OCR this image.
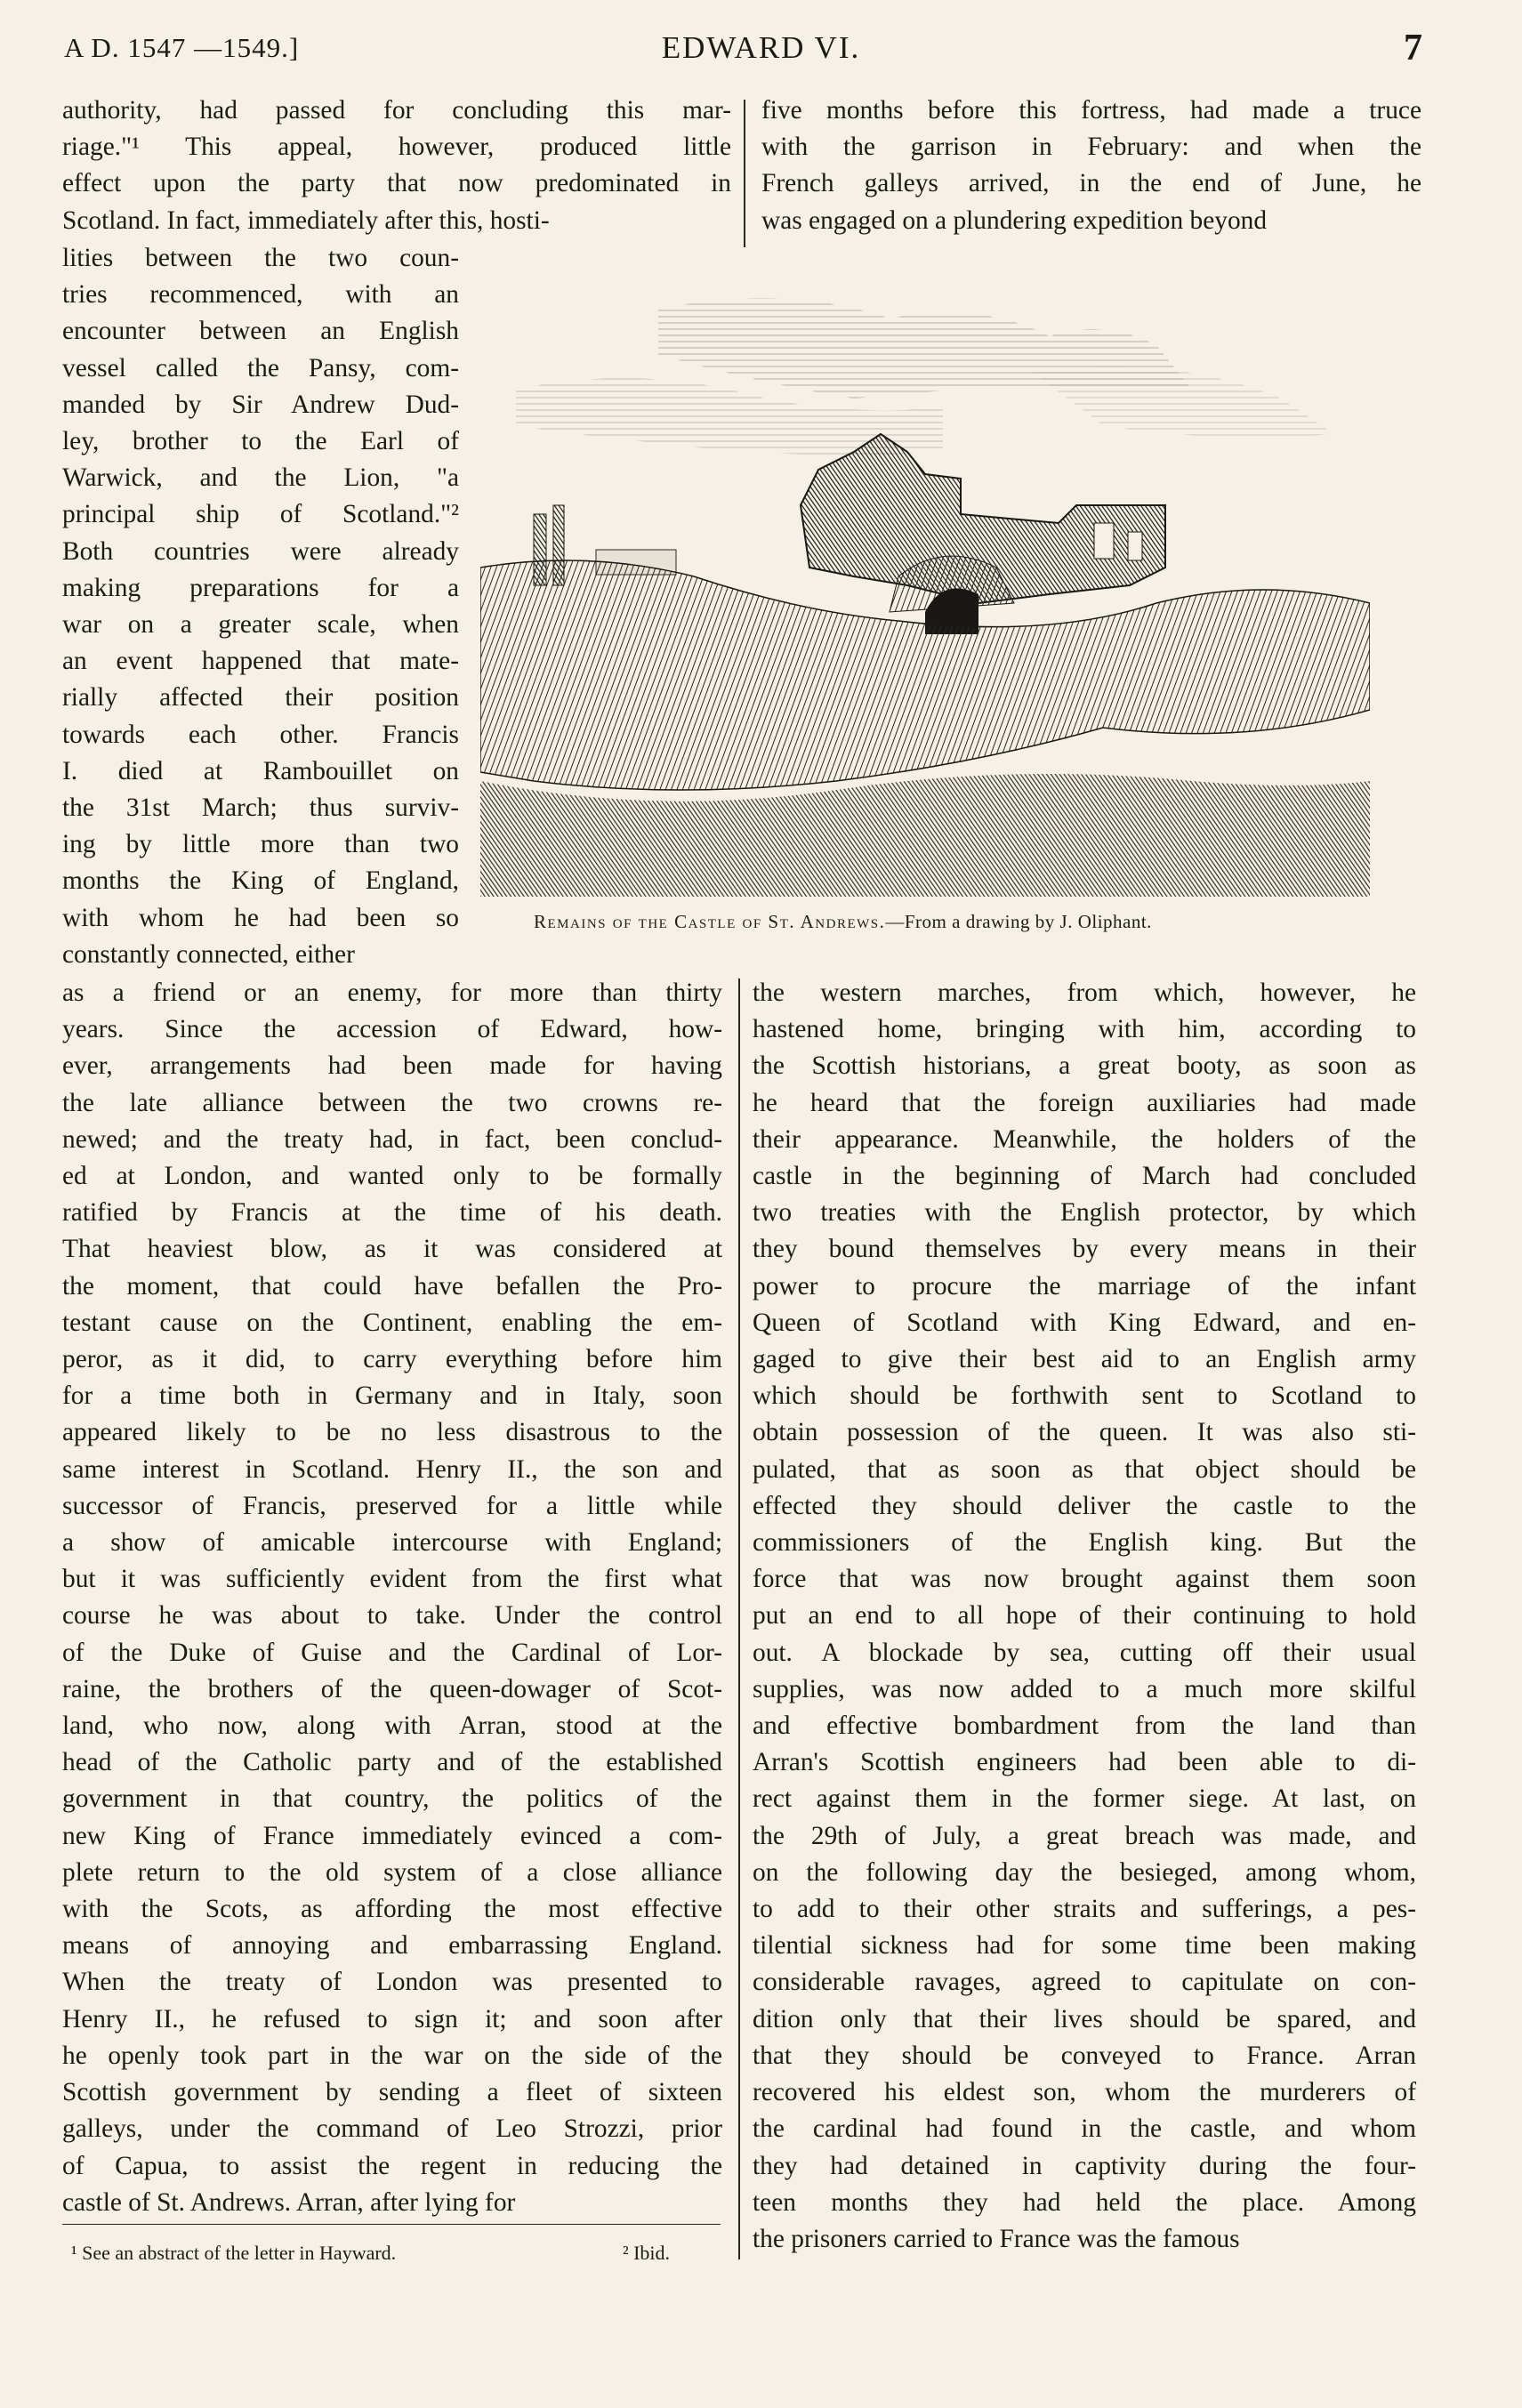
A D. 1547 —1549.]	EDWARD VI.	7
authority, had passed for concluding this mar-
riage."¹ This appeal, however, produced little
effect upon the party that now predominated in
Scotland. In fact, immediately after this, hosti-
five months before this fortress, had made a truce
with the garrison in February: and when the
French galleys arrived, in the end of June, he
was engaged on a plundering expedition beyond
lities between the two coun-
tries recommenced, with an
encounter between an English
vessel called the Pansy, com-
manded by Sir Andrew Dud-
ley, brother to the Earl of
Warwick, and the Lion, "a
principal ship of Scotland."²
Both countries were already
making preparations for a
war on a greater scale, when
an event happened that mate-
rially affected their position
towards each other. Francis
I. died at Rambouillet on
the 31st March; thus surviv-
ing by little more than two
months the King of England,
with whom he had been so
constantly connected, either
as a friend or an enemy, for more than thirty
years. Since the accession of Edward, how-
ever, arrangements had been made for having
the late alliance between the two crowns re-
newed; and the treaty had, in fact, been conclud-
ed at London, and wanted only to be formally
ratified by Francis at the time of his death.
That heaviest blow, as it was considered at
the moment, that could have befallen the Pro-
testant cause on the Continent, enabling the em-
peror, as it did, to carry everything before him
for a time both in Germany and in Italy, soon
appeared likely to be no less disastrous to the
same interest in Scotland. Henry II., the son and
successor of Francis, preserved for a little while
a show of amicable intercourse with England;
but it was sufficiently evident from the first what
course he was about to take. Under the control
of the Duke of Guise and the Cardinal of Lor-
raine, the brothers of the queen-dowager of Scot-
land, who now, along with Arran, stood at the
head of the Catholic party and of the established
government in that country, the politics of the
new King of France immediately evinced a com-
plete return to the old system of a close alliance
with the Scots, as affording the most effective
means of annoying and embarrassing England.
When the treaty of London was presented to
Henry II., he refused to sign it; and soon after
he openly took part in the war on the side of the
Scottish government by sending a fleet of sixteen
galleys, under the command of Leo Strozzi, prior
of Capua, to assist the regent in reducing the
castle of St. Andrews. Arran, after lying for
the western marches, from which, however, he
hastened home, bringing with him, according to
the Scottish historians, a great booty, as soon as
he heard that the foreign auxiliaries had made
their appearance. Meanwhile, the holders of the
castle in the beginning of March had concluded
two treaties with the English protector, by which
they bound themselves by every means in their
power to procure the marriage of the infant
Queen of Scotland with King Edward, and en-
gaged to give their best aid to an English army
which should be forthwith sent to Scotland to
obtain possession of the queen. It was also sti-
pulated, that as soon as that object should be
effected they should deliver the castle to the
commissioners of the English king. But the
force that was now brought against them soon
put an end to all hope of their continuing to hold
out. A blockade by sea, cutting off their usual
supplies, was now added to a much more skilful
and effective bombardment from the land than
Arran's Scottish engineers had been able to di-
rect against them in the former siege. At last, on
the 29th of July, a great breach was made, and
on the following day the besieged, among whom,
to add to their other straits and sufferings, a pes-
tilential sickness had for some time been making
considerable ravages, agreed to capitulate on con-
dition only that their lives should be spared, and
that they should be conveyed to France. Arran
recovered his eldest son, whom the murderers of
the cardinal had found in the castle, and whom
they had detained in captivity during the four-
teen months they had held the place. Among
the prisoners carried to France was the famous
Remains of the Castle of St. Andrews.—From a drawing by J. Oliphant.
¹ See an abstract of the letter in Hayward.	² Ibid.
